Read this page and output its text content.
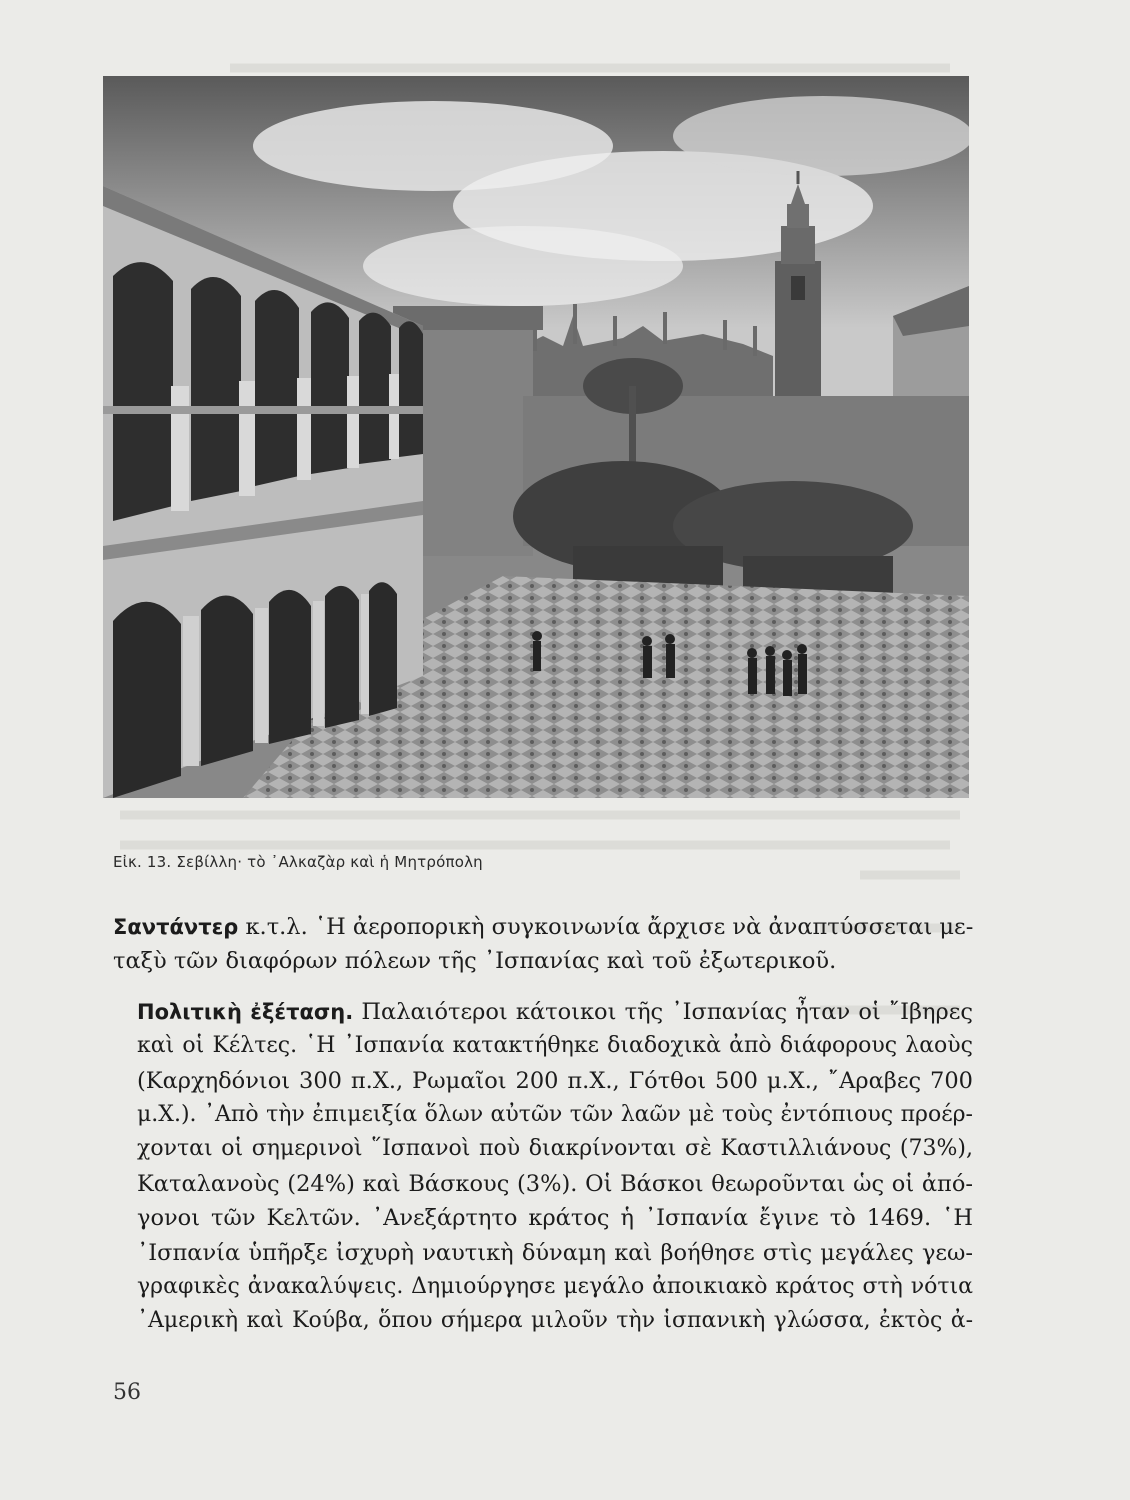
Εἰκ. 13. Σεβίλλη· τὸ ᾿Αλκαζὰρ καὶ ἡ Μητρόπολη

Σαντάντερ κ.τ.λ. ῾Η ἀεροπορικὴ συγκοινωνία ἄρχισε νὰ ἀναπτύσσεται με-
ταξὺ τῶν διαφόρων πόλεων τῆς ᾿Ισπανίας καὶ τοῦ ἐξωτερικοῦ.

Πολιτικὴ ἐξέταση. Παλαιότεροι κάτοικοι τῆς ᾿Ισπανίας ἦταν οἱ ῎Ιβηρες
καὶ οἱ Κέλτες. ῾Η ᾿Ισπανία κατακτήθηκε διαδοχικὰ ἀπὸ διάφορους λαοὺς
(Καρχηδόνιοι 300 π.Χ., Ρωμαῖοι 200 π.Χ., Γότθοι 500 μ.Χ., ῎Αραβες 700
μ.Χ.). ᾿Απὸ τὴν ἐπιμειξία ὅλων αὐτῶν τῶν λαῶν μὲ τοὺς ἐντόπιους προέρ-
χονται οἱ σημερινοὶ ῞Ισπανοὶ ποὺ διακρίνονται σὲ Καστιλλιάνους (73%),
Καταλανοὺς (24%) καὶ Βάσκους (3%). Οἱ Βάσκοι θεωροῦνται ὡς οἱ ἀπό-
γονοι τῶν Κελτῶν. ᾿Ανεξάρτητο κράτος ἡ ᾿Ισπανία ἔγινε τὸ 1469. ῾Η
᾿Ισπανία ὑπῆρξε ἰσχυρὴ ναυτικὴ δύναμη καὶ βοήθησε στὶς μεγάλες γεω-
γραφικὲς ἀνακαλύψεις. Δημιούργησε μεγάλο ἀποικιακὸ κράτος στὴ νότια
᾿Αμερικὴ καὶ Κούβα, ὅπου σήμερα μιλοῦν τὴν ἱσπανικὴ γλώσσα, ἐκτὸς ἀ-

56
